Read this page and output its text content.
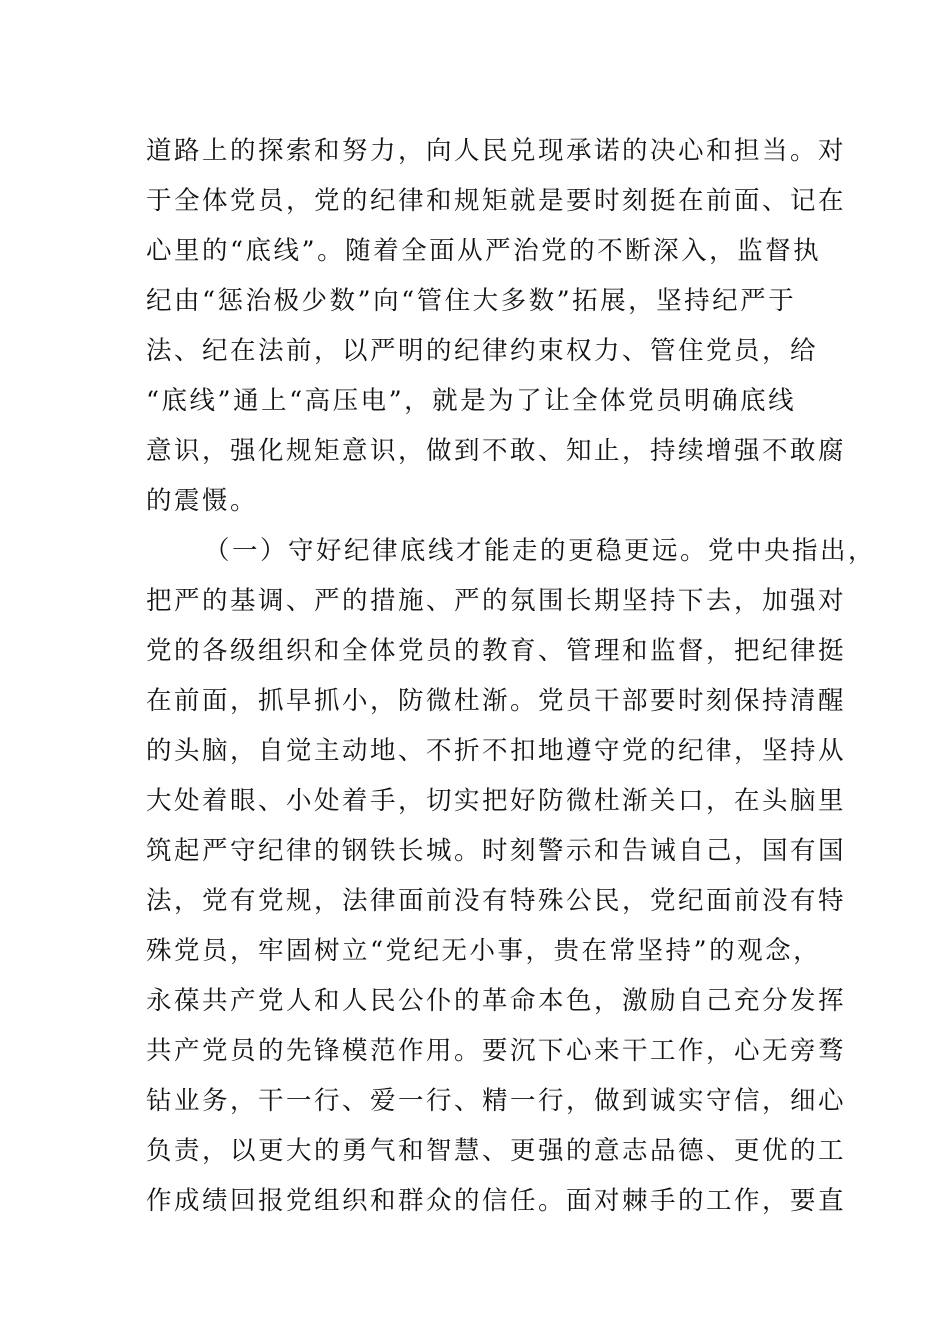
道路上的探索和努力，向人民兑现承诺的决心和担当。对
于全体党员，党的纪律和规矩就是要时刻挺在前面、记在
心里的“底线”。随着全面从严治党的不断深入，监督执
纪由“惩治极少数”向“管住大多数”拓展，坚持纪严于
法、纪在法前，以严明的纪律约束权力、管住党员，给
“底线”通上“高压电”，就是为了让全体党员明确底线
意识，强化规矩意识，做到不敢、知止，持续增强不敢腐
的震慑。
（一）守好纪律底线才能走的更稳更远。党中央指出，
把严的基调、严的措施、严的氛围长期坚持下去，加强对
党的各级组织和全体党员的教育、管理和监督，把纪律挺
在前面，抓早抓小，防微杜渐。党员干部要时刻保持清醒
的头脑，自觉主动地、不折不扣地遵守党的纪律，坚持从
大处着眼、小处着手，切实把好防微杜渐关口，在头脑里
筑起严守纪律的钢铁长城。时刻警示和告诫自己，国有国
法，党有党规，法律面前没有特殊公民，党纪面前没有特
殊党员，牢固树立“党纪无小事，贵在常坚持”的观念，
永葆共产党人和人民公仆的革命本色，激励自己充分发挥
共产党员的先锋模范作用。要沉下心来干工作，心无旁骛
钻业务，干一行、爱一行、精一行，做到诚实守信，细心
负责，以更大的勇气和智慧、更强的意志品德、更优的工
作成绩回报党组织和群众的信任。面对棘手的工作，要直
